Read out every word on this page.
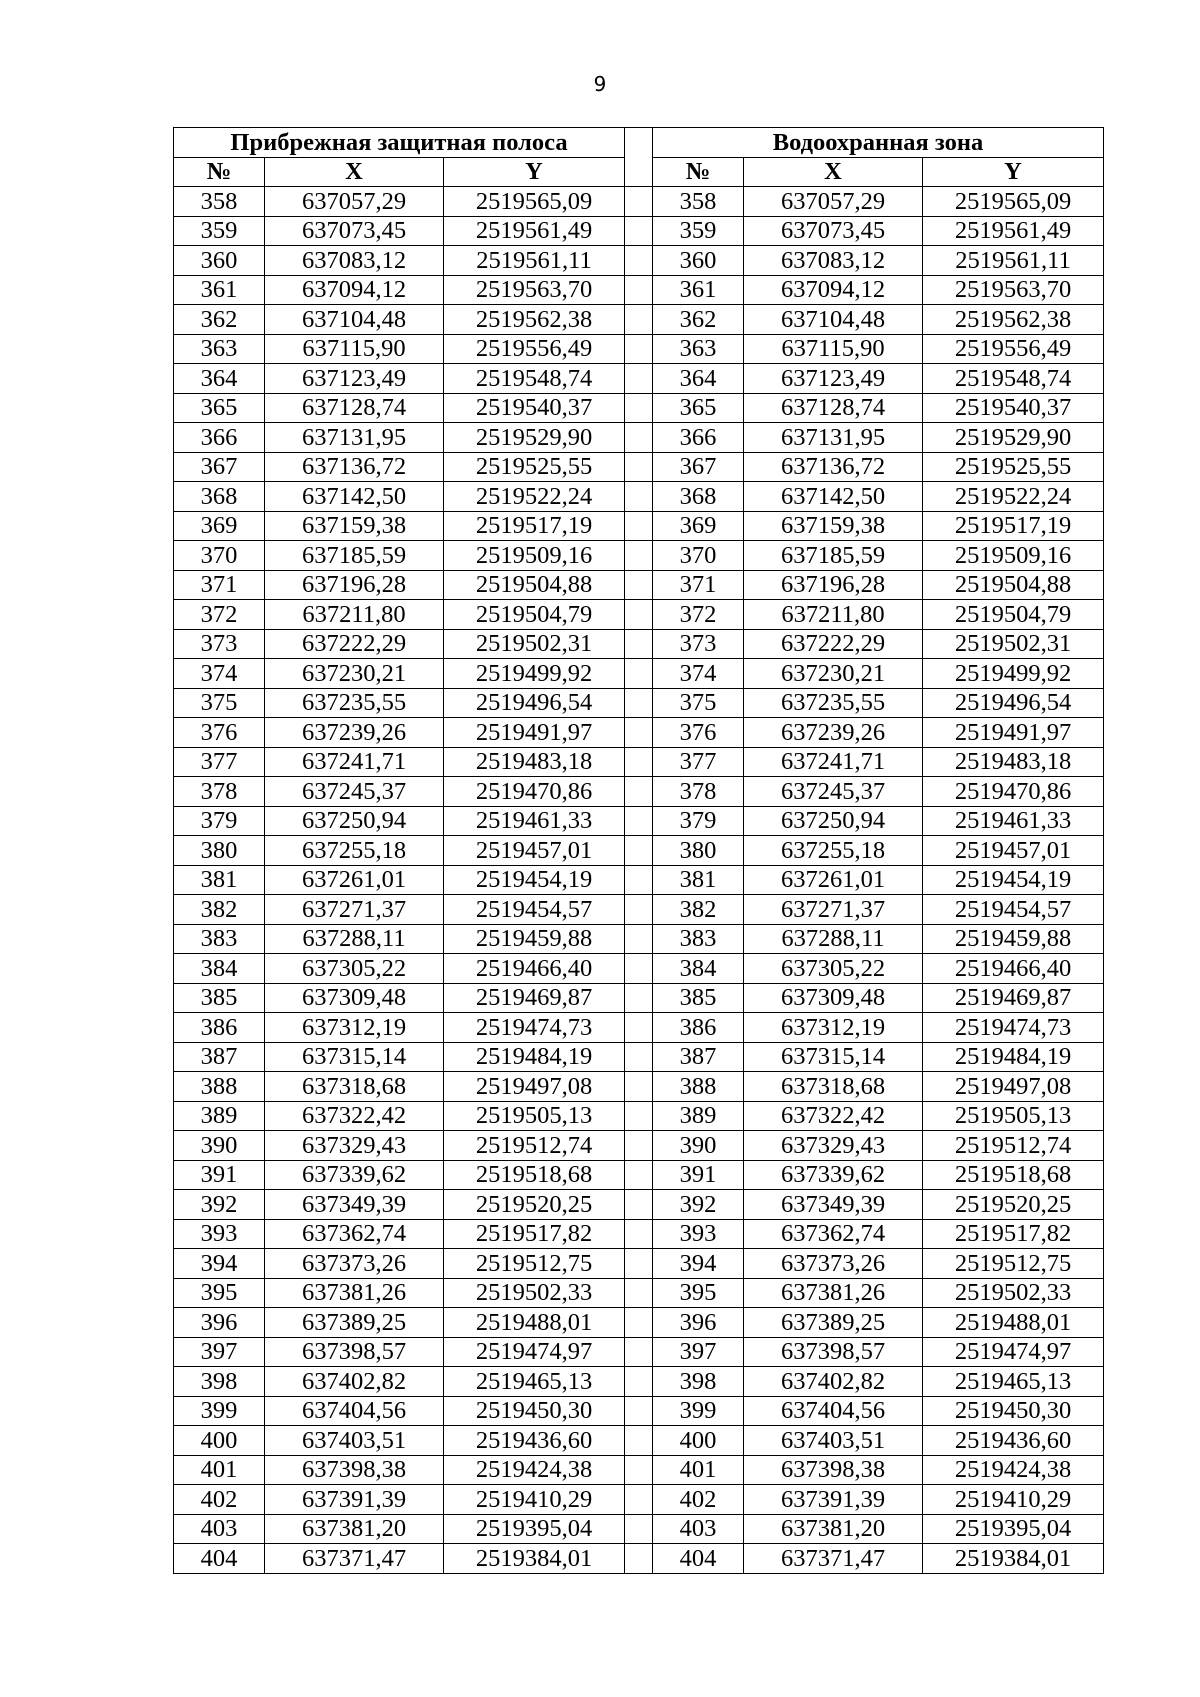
9
Прибрежная защитная полоса				Водоохранная зона		
№	X	Y		№	X	Y
358	637057,29	2519565,09		358	637057,29	2519565,09
359	637073,45	2519561,49		359	637073,45	2519561,49
360	637083,12	2519561,11		360	637083,12	2519561,11
361	637094,12	2519563,70		361	637094,12	2519563,70
362	637104,48	2519562,38		362	637104,48	2519562,38
363	637115,90	2519556,49		363	637115,90	2519556,49
364	637123,49	2519548,74		364	637123,49	2519548,74
365	637128,74	2519540,37		365	637128,74	2519540,37
366	637131,95	2519529,90		366	637131,95	2519529,90
367	637136,72	2519525,55		367	637136,72	2519525,55
368	637142,50	2519522,24		368	637142,50	2519522,24
369	637159,38	2519517,19		369	637159,38	2519517,19
370	637185,59	2519509,16		370	637185,59	2519509,16
371	637196,28	2519504,88		371	637196,28	2519504,88
372	637211,80	2519504,79		372	637211,80	2519504,79
373	637222,29	2519502,31		373	637222,29	2519502,31
374	637230,21	2519499,92		374	637230,21	2519499,92
375	637235,55	2519496,54		375	637235,55	2519496,54
376	637239,26	2519491,97		376	637239,26	2519491,97
377	637241,71	2519483,18		377	637241,71	2519483,18
378	637245,37	2519470,86		378	637245,37	2519470,86
379	637250,94	2519461,33		379	637250,94	2519461,33
380	637255,18	2519457,01		380	637255,18	2519457,01
381	637261,01	2519454,19		381	637261,01	2519454,19
382	637271,37	2519454,57		382	637271,37	2519454,57
383	637288,11	2519459,88		383	637288,11	2519459,88
384	637305,22	2519466,40		384	637305,22	2519466,40
385	637309,48	2519469,87		385	637309,48	2519469,87
386	637312,19	2519474,73		386	637312,19	2519474,73
387	637315,14	2519484,19		387	637315,14	2519484,19
388	637318,68	2519497,08		388	637318,68	2519497,08
389	637322,42	2519505,13		389	637322,42	2519505,13
390	637329,43	2519512,74		390	637329,43	2519512,74
391	637339,62	2519518,68		391	637339,62	2519518,68
392	637349,39	2519520,25		392	637349,39	2519520,25
393	637362,74	2519517,82		393	637362,74	2519517,82
394	637373,26	2519512,75		394	637373,26	2519512,75
395	637381,26	2519502,33		395	637381,26	2519502,33
396	637389,25	2519488,01		396	637389,25	2519488,01
397	637398,57	2519474,97		397	637398,57	2519474,97
398	637402,82	2519465,13		398	637402,82	2519465,13
399	637404,56	2519450,30		399	637404,56	2519450,30
400	637403,51	2519436,60		400	637403,51	2519436,60
401	637398,38	2519424,38		401	637398,38	2519424,38
402	637391,39	2519410,29		402	637391,39	2519410,29
403	637381,20	2519395,04		403	637381,20	2519395,04
404	637371,47	2519384,01		404	637371,47	2519384,01
